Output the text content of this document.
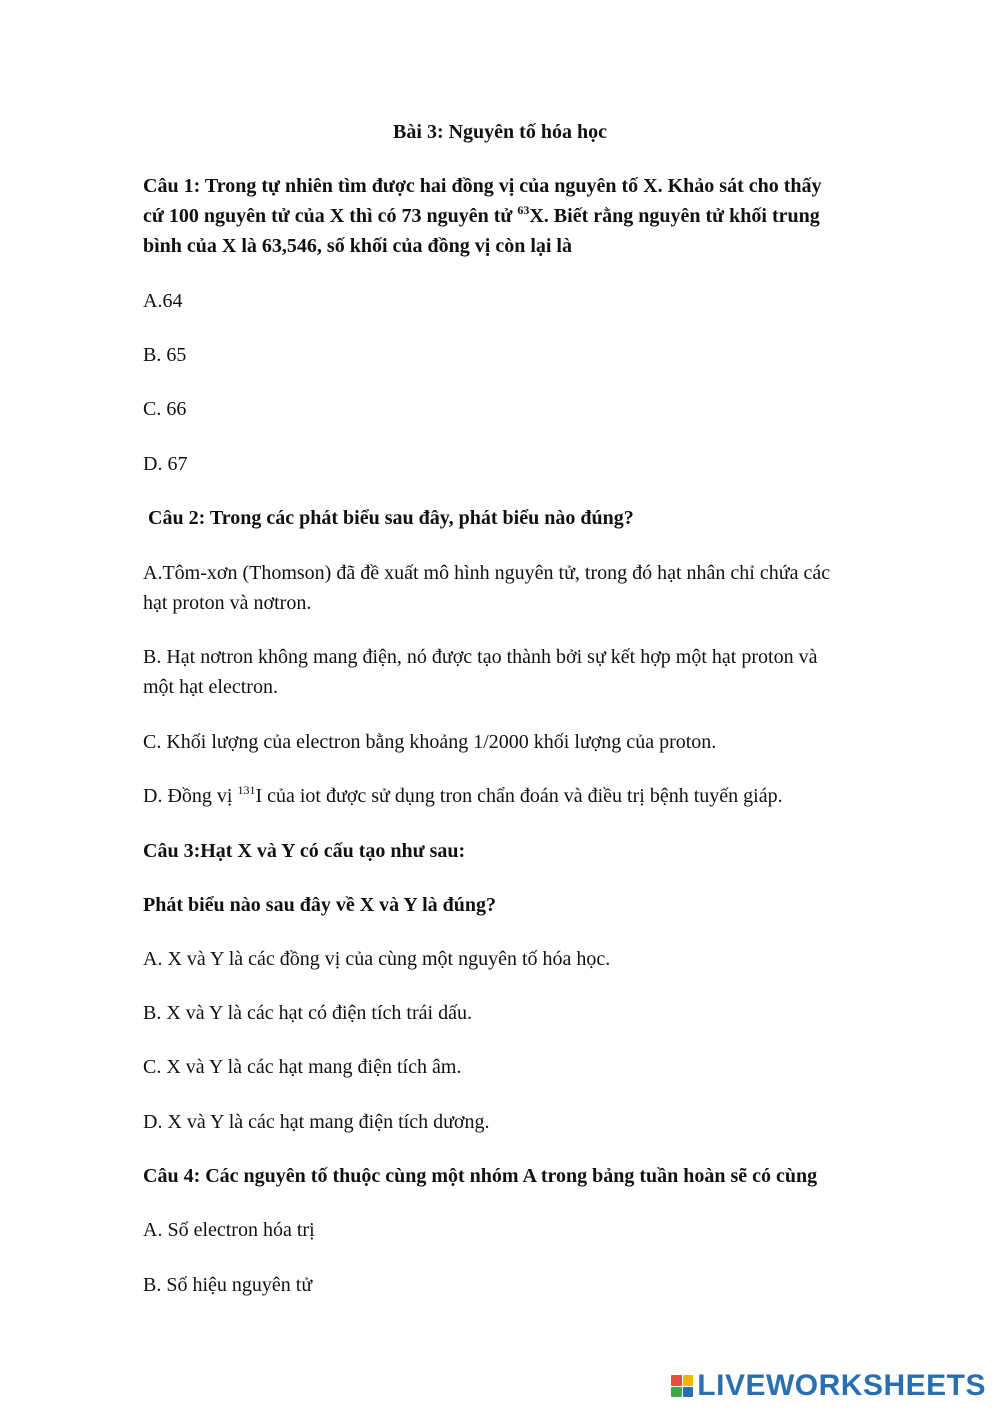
Bài 3: Nguyên tố hóa học
Câu 1: Trong tự nhiên tìm được hai đồng vị của nguyên tố X. Khảo sát cho thấy
cứ 100 nguyên tử của X thì có 73 nguyên tử $^{63}$X. Biết rằng nguyên tử khối trung
bình của X là 63,546, số khối của đồng vị còn lại là
A.64
B. 65
C. 66
D. 67
Câu 2: Trong các phát biểu sau đây, phát biểu nào đúng?
A.Tôm-xơn (Thomson) đã đề xuất mô hình nguyên tử, trong đó hạt nhân chỉ chứa các
hạt proton và nơtron.
B. Hạt nơtron không mang điện, nó được tạo thành bởi sự kết hợp một hạt proton và
một hạt electron.
C. Khối lượng của electron bằng khoảng 1/2000 khối lượng của proton.
D. Đồng vị $^{131}$I của iot được sử dụng tron chẩn đoán và điều trị bệnh tuyến giáp.
Câu 3:Hạt X và Y có cấu tạo như sau:
Phát biểu nào sau đây về X và Y là đúng?
A. X và Y là các đồng vị của cùng một nguyên tố hóa học.
B. X và Y là các hạt có điện tích trái dấu.
C. X và Y là các hạt mang điện tích âm.
D. X và Y là các hạt mang điện tích dương.
Câu 4: Các nguyên tố thuộc cùng một nhóm A trong bảng tuần hoàn sẽ có cùng
A. Số electron hóa trị
B. Số hiệu nguyên tử
LIVEWORKSHEETS
